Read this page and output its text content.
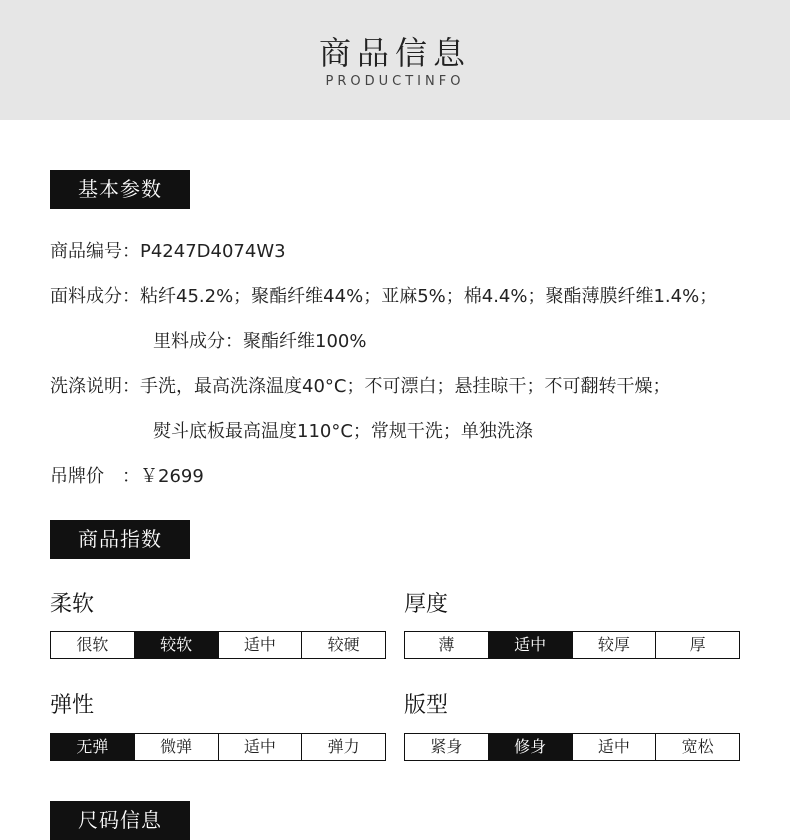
商品信息
PRODUCTINFO
基本参数
商品编号：P4247D4074W3
面料成分：粘纤45.2%；聚酯纤维44%；亚麻5%；棉4.4%；聚酯薄膜纤维1.4%；
里料成分：聚酯纤维100%
洗涤说明：手洗，最高洗涤温度40°C；不可漂白；悬挂晾干；不可翻转干燥；
熨斗底板最高温度110°C；常规干洗；单独洗涤
吊牌价　：￥2699
商品指数
柔软
很软	较软	适中	较硬
厚度
薄	适中	较厚	厚
弹性
无弹	微弹	适中	弹力
版型
紧身	修身	适中	宽松
尺码信息
